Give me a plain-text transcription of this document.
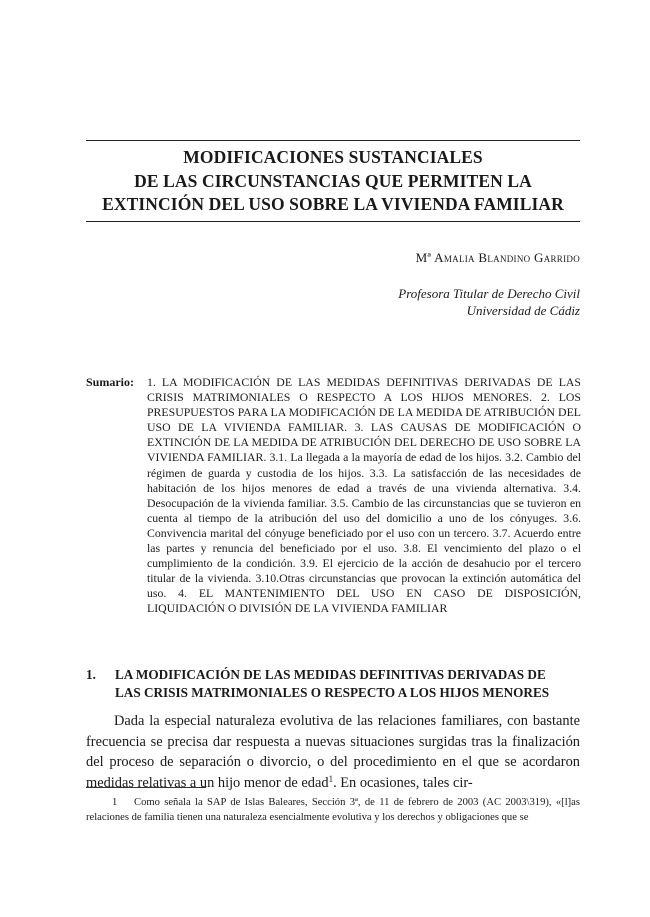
MODIFICACIONES SUSTANCIALES
DE LAS CIRCUNSTANCIAS QUE PERMITEN LA
EXTINCIÓN DEL USO SOBRE LA VIVIENDA FAMILIAR
Mª Amalia Blandino Garrido
Profesora Titular de Derecho Civil
Universidad de Cádiz
Sumario: 1. LA MODIFICACIÓN DE LAS MEDIDAS DEFINITIVAS DERIVADAS DE LAS CRISIS MATRIMONIALES O RESPECTO A LOS HIJOS MENORES. 2. LOS PRESUPUESTOS PARA LA MODIFICACIÓN DE LA MEDIDA DE ATRIBUCIÓN DEL USO DE LA VIVIENDA FAMILIAR. 3. LAS CAUSAS DE MODIFICACIÓN O EXTINCIÓN DE LA MEDIDA DE ATRIBUCIÓN DEL DERECHO DE USO SOBRE LA VIVIENDA FAMILIAR. 3.1. La llegada a la mayoría de edad de los hijos. 3.2. Cambio del régimen de guarda y custodia de los hijos. 3.3. La satisfacción de las necesidades de habitación de los hijos menores de edad a través de una vivienda alternativa. 3.4. Desocupación de la vivienda familiar. 3.5. Cambio de las circunstancias que se tuvieron en cuenta al tiempo de la atribución del uso del domicilio a uno de los cónyuges. 3.6. Convivencia marital del cónyuge beneficiado por el uso con un tercero. 3.7. Acuerdo entre las partes y renuncia del beneficiado por el uso. 3.8. El vencimiento del plazo o el cumplimiento de la condición. 3.9. El ejercicio de la acción de desahucio por el tercero titular de la vivienda. 3.10.Otras circunstancias que provocan la extinción automática del uso. 4. EL MANTENIMIENTO DEL USO EN CASO DE DISPOSICIÓN, LIQUIDACIÓN O DIVISIÓN DE LA VIVIENDA FAMILIAR
1. LA MODIFICACIÓN DE LAS MEDIDAS DEFINITIVAS DERIVADAS DE
LAS CRISIS MATRIMONIALES O RESPECTO A LOS HIJOS MENORES

Dada la especial naturaleza evolutiva de las relaciones familiares, con bastante frecuencia se precisa dar respuesta a nuevas situaciones surgidas tras la finalización del proceso de separación o divorcio, o del procedimiento en el que se acordaron medidas relativas a un hijo menor de edad$^1$. En ocasiones, tales cir-

1 Como señala la SAP de Islas Baleares, Sección 3ª, de 11 de febrero de 2003 (AC 2003\319), «[l]as relaciones de familia tienen una naturaleza esencialmente evolutiva y los derechos y obligaciones que se
